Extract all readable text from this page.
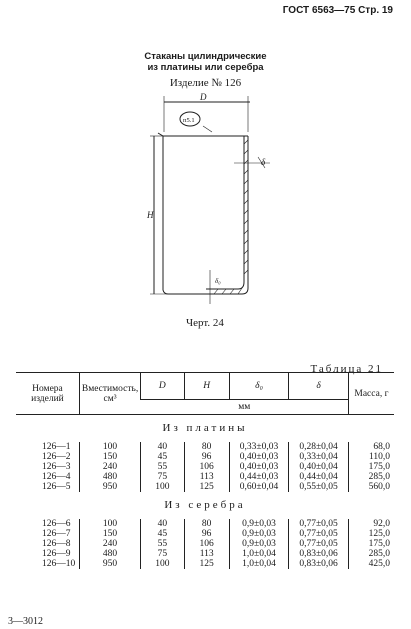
ГОСТ 6563—75 Стр. 19
Стаканы цилиндрические
из платины или серебра
Изделие № 126
D
H
δ
δ₀
п5.1
Черт. 24
Таблица 21
Номера изделий	Вместимость, см³	D	H	δ₀	δ	Масса, г
		мм				
Из платины						
126—1	100	40	80	0,33±0,03	0,28±0,04	68,0
126—2	150	45	96	0,40±0,03	0,33±0,04	110,0
126—3	240	55	106	0,40±0,03	0,40±0,04	175,0
126—4	480	75	113	0,44±0,03	0,44±0,04	285,0
126—5	950	100	125	0,60±0,04	0,55±0,05	560,0
Из серебра						
126—6	100	40	80	0,9±0,03	0,77±0,05	92,0
126—7	150	45	96	0,9±0,03	0,77±0,05	125,0
126—8	240	55	106	0,9±0,03	0,77±0,05	175,0
126—9	480	75	113	1,0±0,04	0,83±0,06	285,0
126—10	950	100	125	1,0±0,04	0,83±0,06	425,0
3—3012
